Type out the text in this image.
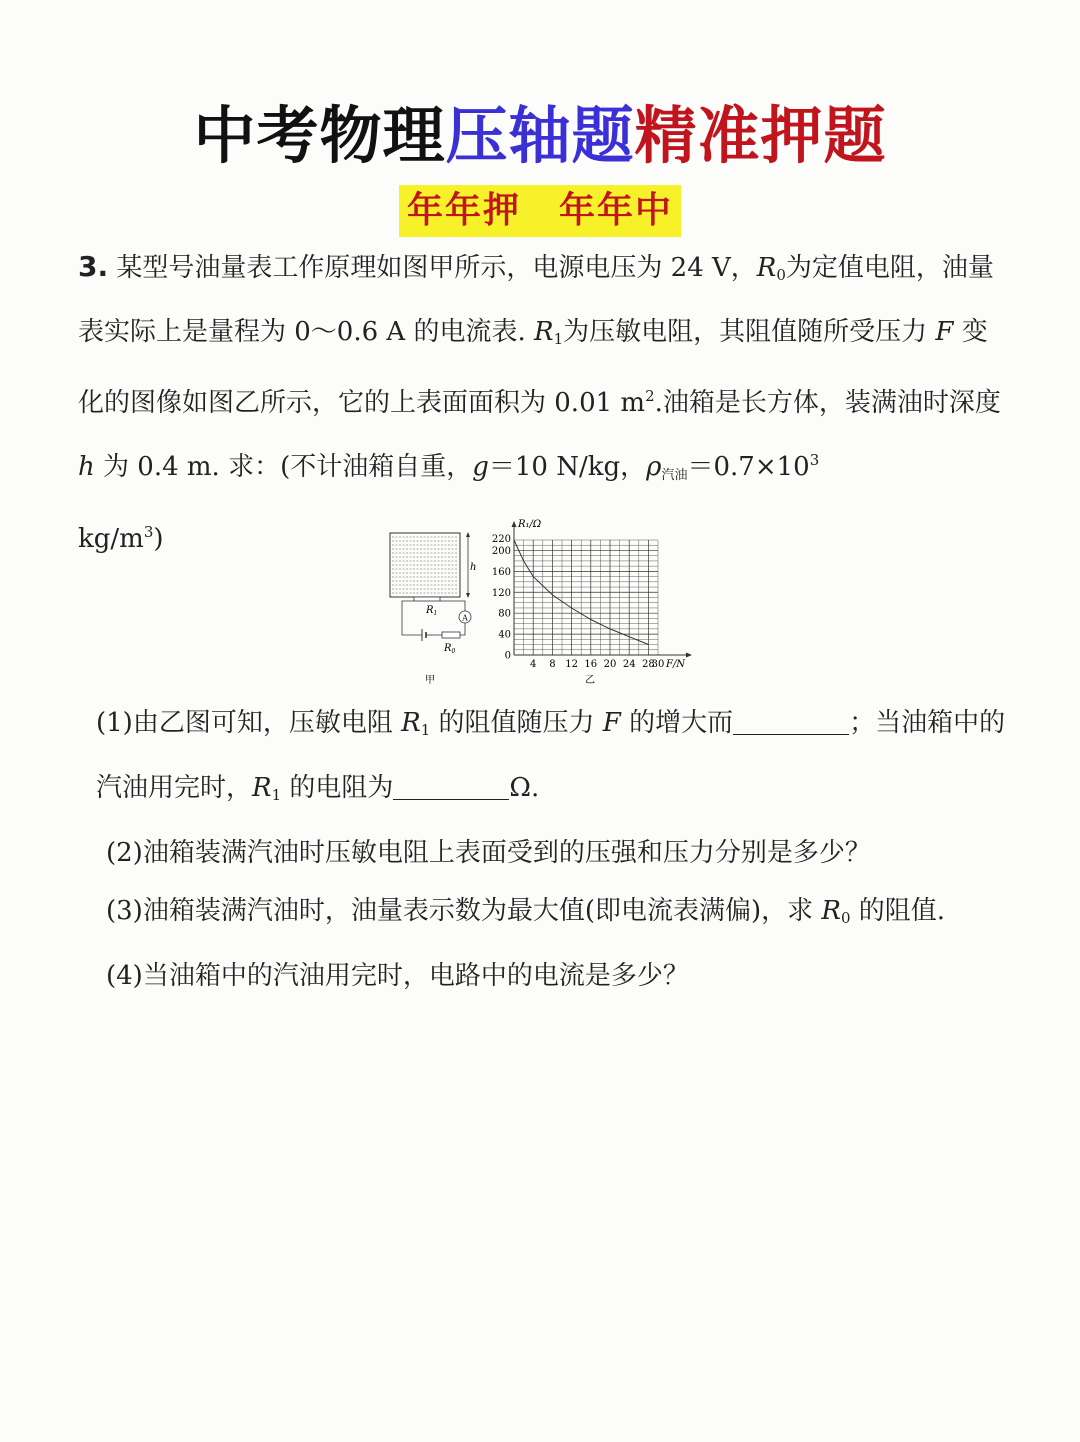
中考物理压轴题精准押题
年年押　年年中
3. 某型号油量表工作原理如图甲所示，电源电压为 24 V，$R_0$为定值电阻，油量表实际上是量程为 0～0.6 A 的电流表. $R_1$为压敏电阻，其阻值随所受压力 F 变化的图像如图乙所示，它的上表面面积为 0.01 $m^2$.油箱是长方体，装满油时深度 h 为 0.4 m. 求：(不计油箱自重，g＝10 N/kg，ρ汽油$=0.7\times 10^3$
$kg/m^3$)
h
$R_1$
$R_0$
A
甲
4 8 12 16 20 24 28
30
0
40
80
120
160
200
220
R₁/Ω
F/N
乙

(1)由乙图可知，压敏电阻 $R_1$ 的阻值随压力 F 的增大而	；当油箱中的汽油用完时，$R_1$ 的电阻为	Ω.

(2)油箱装满汽油时压敏电阻上表面受到的压强和压力分别是多少？

(3)油箱装满汽油时，油量表示数为最大值(即电流表满偏)，求 $R_0$ 的阻值.

(4)当油箱中的汽油用完时，电路中的电流是多少？
